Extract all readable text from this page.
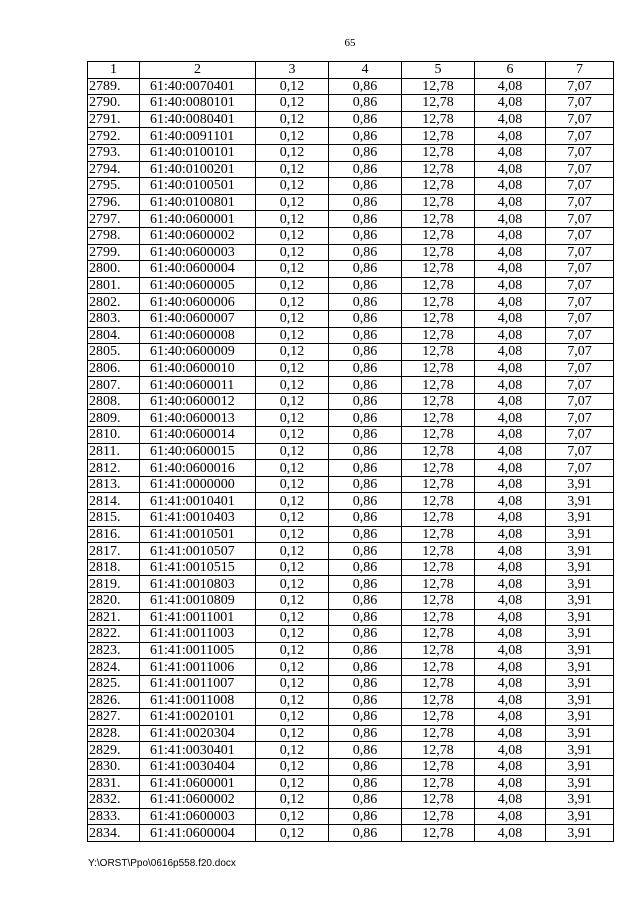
65
1	2	3	4	5	6	7
2789.	61:40:0070401	0,12	0,86	12,78	4,08	7,07
2790.	61:40:0080101	0,12	0,86	12,78	4,08	7,07
2791.	61:40:0080401	0,12	0,86	12,78	4,08	7,07
2792.	61:40:0091101	0,12	0,86	12,78	4,08	7,07
2793.	61:40:0100101	0,12	0,86	12,78	4,08	7,07
2794.	61:40:0100201	0,12	0,86	12,78	4,08	7,07
2795.	61:40:0100501	0,12	0,86	12,78	4,08	7,07
2796.	61:40:0100801	0,12	0,86	12,78	4,08	7,07
2797.	61:40:0600001	0,12	0,86	12,78	4,08	7,07
2798.	61:40:0600002	0,12	0,86	12,78	4,08	7,07
2799.	61:40:0600003	0,12	0,86	12,78	4,08	7,07
2800.	61:40:0600004	0,12	0,86	12,78	4,08	7,07
2801.	61:40:0600005	0,12	0,86	12,78	4,08	7,07
2802.	61:40:0600006	0,12	0,86	12,78	4,08	7,07
2803.	61:40:0600007	0,12	0,86	12,78	4,08	7,07
2804.	61:40:0600008	0,12	0,86	12,78	4,08	7,07
2805.	61:40:0600009	0,12	0,86	12,78	4,08	7,07
2806.	61:40:0600010	0,12	0,86	12,78	4,08	7,07
2807.	61:40:0600011	0,12	0,86	12,78	4,08	7,07
2808.	61:40:0600012	0,12	0,86	12,78	4,08	7,07
2809.	61:40:0600013	0,12	0,86	12,78	4,08	7,07
2810.	61:40:0600014	0,12	0,86	12,78	4,08	7,07
2811.	61:40:0600015	0,12	0,86	12,78	4,08	7,07
2812.	61:40:0600016	0,12	0,86	12,78	4,08	7,07
2813.	61:41:0000000	0,12	0,86	12,78	4,08	3,91
2814.	61:41:0010401	0,12	0,86	12,78	4,08	3,91
2815.	61:41:0010403	0,12	0,86	12,78	4,08	3,91
2816.	61:41:0010501	0,12	0,86	12,78	4,08	3,91
2817.	61:41:0010507	0,12	0,86	12,78	4,08	3,91
2818.	61:41:0010515	0,12	0,86	12,78	4,08	3,91
2819.	61:41:0010803	0,12	0,86	12,78	4,08	3,91
2820.	61:41:0010809	0,12	0,86	12,78	4,08	3,91
2821.	61:41:0011001	0,12	0,86	12,78	4,08	3,91
2822.	61:41:0011003	0,12	0,86	12,78	4,08	3,91
2823.	61:41:0011005	0,12	0,86	12,78	4,08	3,91
2824.	61:41:0011006	0,12	0,86	12,78	4,08	3,91
2825.	61:41:0011007	0,12	0,86	12,78	4,08	3,91
2826.	61:41:0011008	0,12	0,86	12,78	4,08	3,91
2827.	61:41:0020101	0,12	0,86	12,78	4,08	3,91
2828.	61:41:0020304	0,12	0,86	12,78	4,08	3,91
2829.	61:41:0030401	0,12	0,86	12,78	4,08	3,91
2830.	61:41:0030404	0,12	0,86	12,78	4,08	3,91
2831.	61:41:0600001	0,12	0,86	12,78	4,08	3,91
2832.	61:41:0600002	0,12	0,86	12,78	4,08	3,91
2833.	61:41:0600003	0,12	0,86	12,78	4,08	3,91
2834.	61:41:0600004	0,12	0,86	12,78	4,08	3,91
Y:\ORST\Ppo\0616p558.f20.docx
